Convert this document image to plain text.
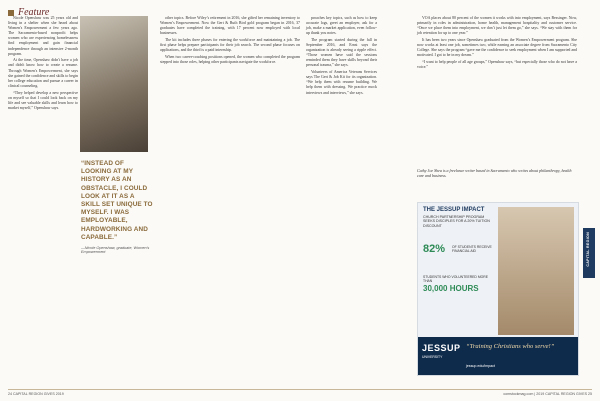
Feature

Nicole Openshaw was 25 years old and living in a shelter when she heard about Women's Empowerment a few years ago. The Sacramento-based nonprofit helps women who are experiencing homelessness find employment and gain financial independence through an intensive 2-month program.

At the time, Openshaw didn't have a job and didn't know how to create a resume. Through Women's Empowerment, she says she gained the confidence and skills to begin her college education and pursue a career in clinical counseling.

“They helped develop a new perspective on myself so that I could look back on my life and see valuable skills and learn how to market myself,” Openshaw says.

“INSTEAD OF LOOKING AT MY HISTORY AS AN OBSTACLE, I COULD LOOK AT IT AS A SKILL SET UNIQUE TO MYSELF. I WAS EMPLOYABLE, HARDWORKING AND CAPABLE.”
—Nicole Openshaw, graduate, Women’s Empowerment

other topics. Before Wiley’s retirement in 2016, she gifted her remaining inventory to Women’s Empowerment. Now the Gert & Ruth Bird gold program began in 2016, 37 graduates have completed the training, with 17 percent now employed with local businesses.

The kit includes three phases for entering the workforce and maintaining a job. The first phase helps prepare participants for their job search. The second phase focuses on applications, and the third is a paid internship.

When two career-coaching positions opened, the women who completed the program stepped into those roles, helping other participants navigate the workforce.

proaches key topics, such as how to keep accurate logs, greet an employer, ask for a job, make a market application, even follow-up thank you notes.

The program started during the fall in September 2016, and Ernst says the organization is already seeing a ripple effect. “Those women have said the sessions reminded them they have skills beyond their personal trauma,” she says.

Volunteers of America Veterans Services says The Gert & Job Kit for its organization. “We help them with resume building. We help them with dressing. We practice mock interviews and interviews,” she says.

VOA places about 80 percent of the women it works with into employment, says Bessinger. Now, primarily in roles in administration, home health, management hospitality and customer service. “Once we place them into employment, we don’t just let them go,” she says. “We stay with them for job retention for up to one year.”

It has been two years since Openshaw graduated from the Women’s Empowerment program. She now works at least one job, sometimes two, while earning an associate degree from Sacramento City College. She says the program “gave me the confidence to seek employment when I am supported and motivated. I got to be in my dream.”

“I want to help people of all age groups,” Openshaw says, “but especially those who do not have a voice.”

Cathy Joe Shea is a freelance writer based in Sacramento who writes about philanthropy, health care and business.
THE JESSUP IMPACT
CHURCH PARTNERSHIP PROGRAM SEEKS DISCIPLES FOR A 20% TUITION DISCOUNT
82% OF STUDENTS RECEIVE FINANCIAL AID
STUDENTS WHO VOLUNTEERED MORE THAN
30,000 HOURS
JESSUP
UNIVERSITY
“Training Christians who serve!”
jessup.edu/impact
CAPITAL REGION
24 CAPITAL REGION GIVES 2019	comstockmag.com | 2019 CAPITAL REGION GIVES 25
